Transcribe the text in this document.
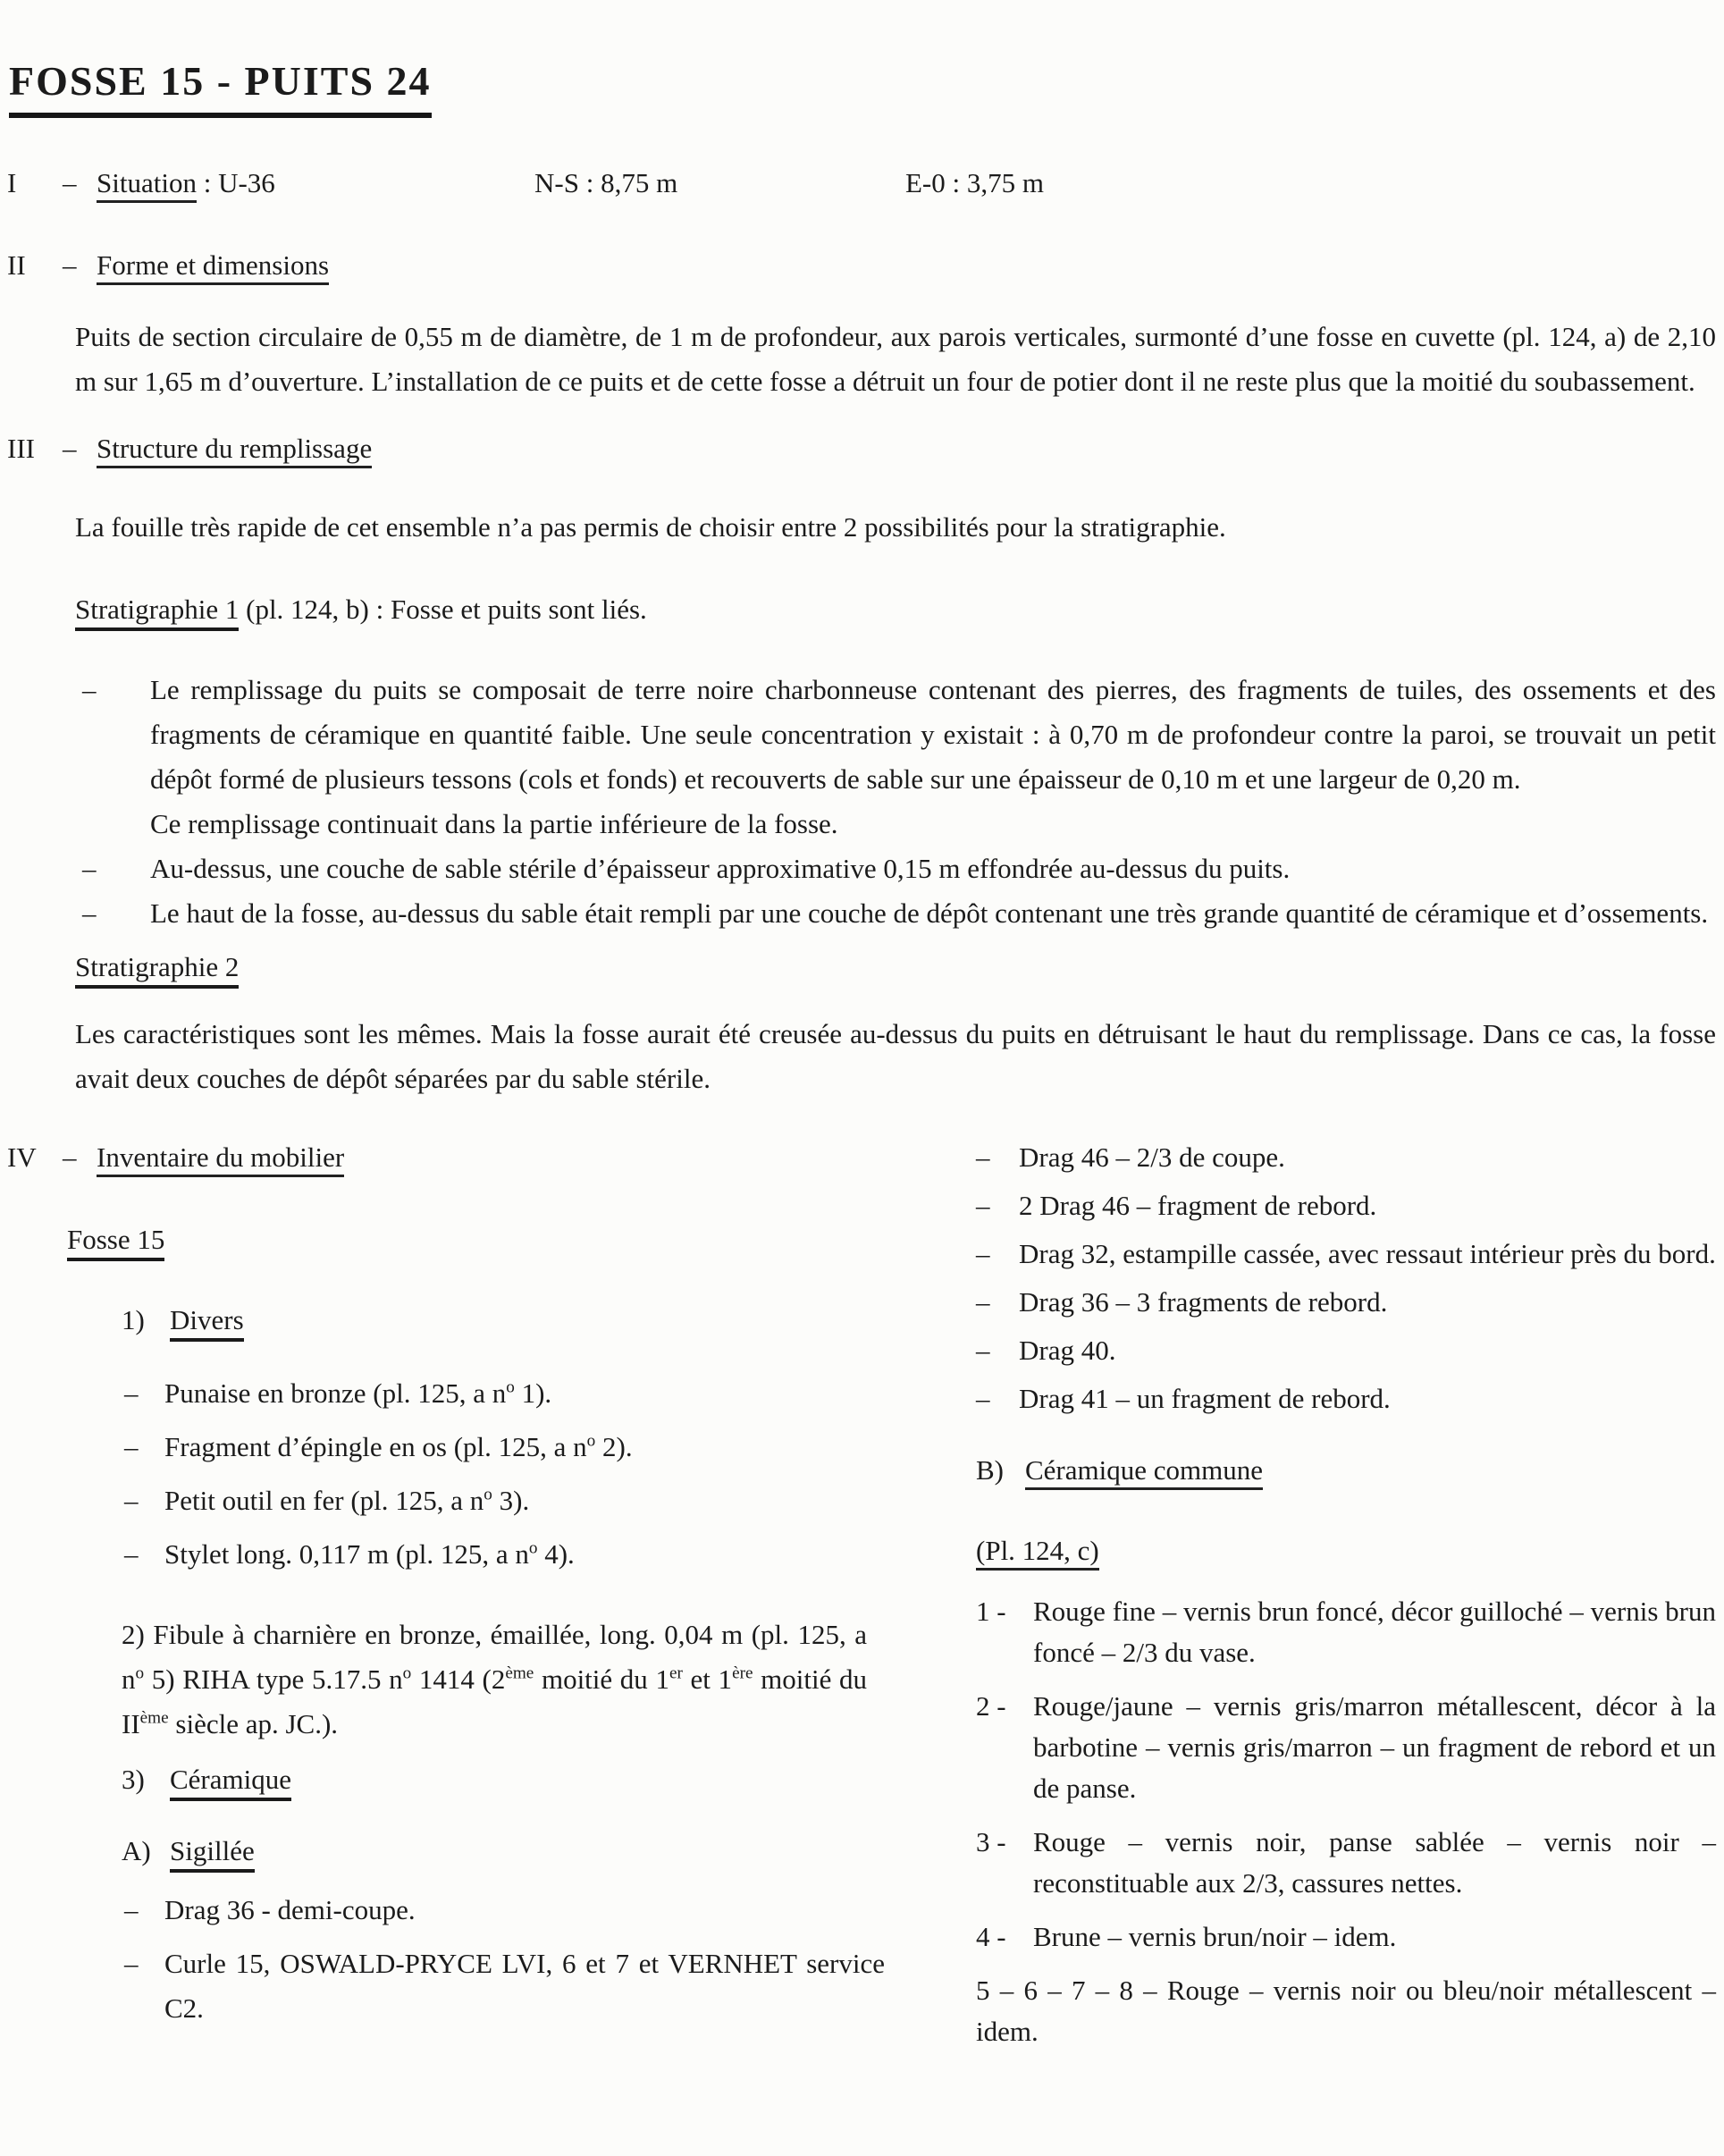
FOSSE 15 - PUITS 24
I	– Situation : U-36	N-S : 8,75 m	E-0 : 3,75 m
II	– Forme et dimensions

Puits de section circulaire de 0,55 m de diamètre, de 1 m de profondeur, aux parois verticales, surmonté d’une fosse en cuvette (pl. 124, a) de 2,10 m sur 1,65 m d’ouverture. L’installation de ce puits et de cette fosse a détruit un four de potier dont il ne reste plus que la moitié du soubassement.

III	– Structure du remplissage

La fouille très rapide de cet ensemble n’a pas permis de choisir entre 2 possibilités pour la stratigraphie.

Stratigraphie 1 (pl. 124, b) : Fosse et puits sont liés.
–	Le remplissage du puits se composait de terre noire charbonneuse contenant des pierres, des fragments de tuiles, des ossements et des fragments de céramique en quantité faible. Une seule concentration y existait : à 0,70 m de profondeur contre la paroi, se trouvait un petit dépôt formé de plusieurs tessons (cols et fonds) et recouverts de sable sur une épaisseur de 0,10 m et une largeur de 0,20 m.
Ce remplissage continuait dans la partie inférieure de la fosse.
–	Au-dessus, une couche de sable stérile d’épaisseur approximative 0,15 m effondrée au-dessus du puits.
–	Le haut de la fosse, au-dessus du sable était rempli par une couche de dépôt contenant une très grande quantité de céramique et d’ossements.
Stratigraphie 2

Les caractéristiques sont les mêmes. Mais la fosse aurait été creusée au-dessus du puits en détruisant le haut du remplissage. Dans ce cas, la fosse avait deux couches de dépôt séparées par du sable stérile.

IV – Inventaire du mobilier
Fosse 15
1) Divers
– Punaise en bronze (pl. 125, a $n^o$ 1).
– Fragment d’épingle en os (pl. 125, a $n^o$ 2).
– Petit outil en fer (pl. 125, a $n^o$ 3).
– Stylet long. 0,117 m (pl. 125, a $n^o$ 4).

2) Fibule à charnière en bronze, émaillée, long. 0,04 m (pl. 125, a $n^o$ 5) RIHA type 5.17.5 $n^o$ 1414 (2ème moitié du 1er et 1ère moitié du IIème siècle ap. JC.).

3) Céramique
A) Sigillée
– Drag 36 - demi-coupe.
– Curle 15, OSWALD-PRYCE LVI, 6 et 7 et VERNHET service C2.
–	Drag 46 – 2/3 de coupe.
–	2 Drag 46 – fragment de rebord.
–	Drag 32, estampille cassée, avec ressaut intérieur près du bord.
–	Drag 36 – 3 fragments de rebord.
–	Drag 40.
–	Drag 41 – un fragment de rebord.
B) Céramique commune
(Pl. 124, c)
1 - Rouge fine – vernis brun foncé, décor guilloché – vernis brun foncé – 2/3 du vase.
2 - Rouge/jaune – vernis gris/marron métallescent, décor à la barbotine – vernis gris/marron – un fragment de rebord et un de panse.
3 - Rouge – vernis noir, panse sablée – vernis noir – reconstituable aux 2/3, cassures nettes.
4 - Brune – vernis brun/noir – idem.
5 – 6 – 7 – 8 – Rouge – vernis noir ou bleu/noir métallescent – idem.
